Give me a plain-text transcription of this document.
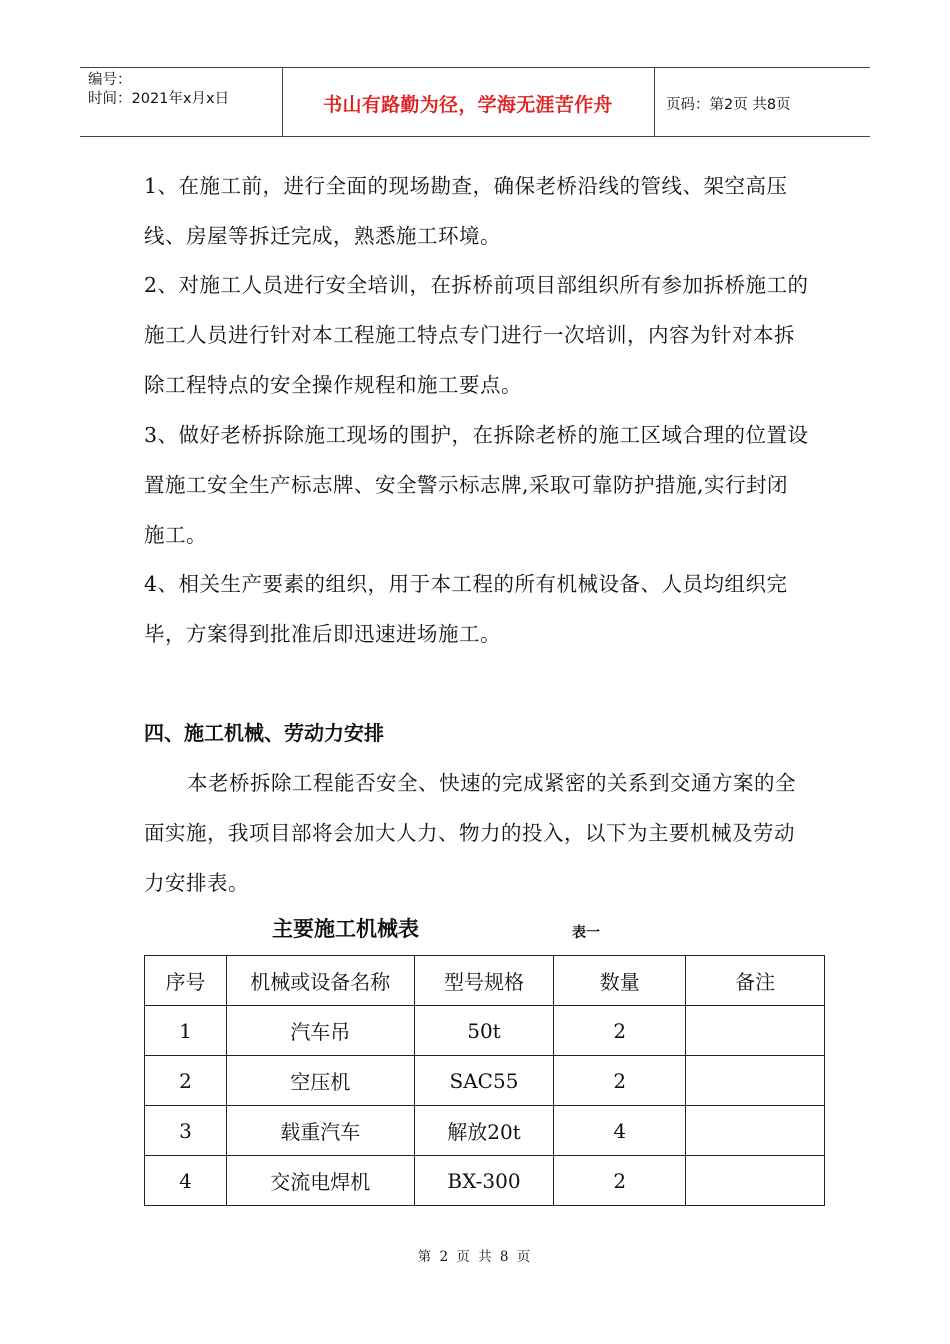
编号：
时间：2021年x月x日	书山有路勤为径，学海无涯苦作舟	页码：第2页 共8页

1、在施工前，进行全面的现场勘查，确保老桥沿线的管线、架空高压线、房屋等拆迁完成，熟悉施工环境。

2、对施工人员进行安全培训，在拆桥前项目部组织所有参加拆桥施工的施工人员进行针对本工程施工特点专门进行一次培训，内容为针对本拆除工程特点的安全操作规程和施工要点。

3、做好老桥拆除施工现场的围护，在拆除老桥的施工区域合理的位置设置施工安全生产标志牌、安全警示标志牌,采取可靠防护措施,实行封闭施工。

4、相关生产要素的组织，用于本工程的所有机械设备、人员均组织完毕，方案得到批准后即迅速进场施工。

四、施工机械、劳动力安排

本老桥拆除工程能否安全、快速的完成紧密的关系到交通方案的全面实施，我项目部将会加大人力、物力的投入，以下为主要机械及劳动力安排表。

主要施工机械表	表一
序号	机械或设备名称	型号规格	数量	备注
1	汽车吊	50t	2	
2	空压机	SAC55	2	
3	载重汽车	解放20t	4	
4	交流电焊机	BX-300	2	
第 2 页 共 8 页
